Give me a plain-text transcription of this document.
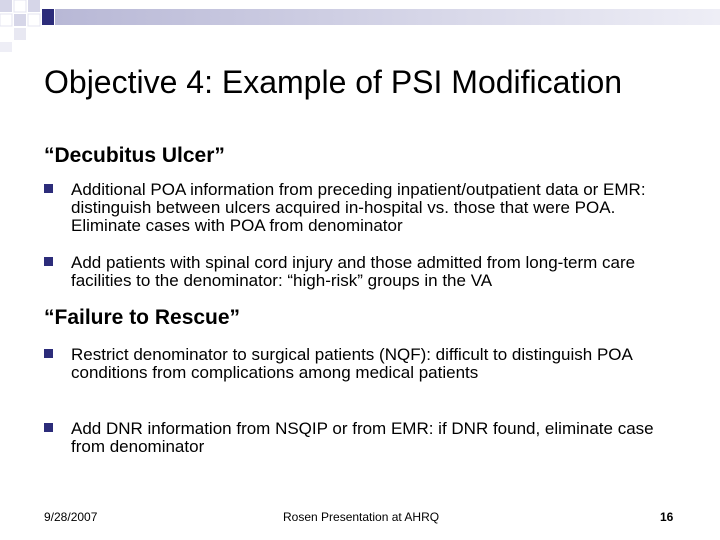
Objective 4: Example of PSI Modification
“Decubitus Ulcer”
Additional POA information from preceding inpatient/outpatient data or EMR: distinguish between ulcers acquired in-hospital vs. those that were POA. Eliminate cases with POA from denominator
Add patients with spinal cord injury and those admitted from long-term care facilities to the denominator: “high-risk” groups in the VA
“Failure to Rescue”
Restrict denominator to surgical patients (NQF): difficult to distinguish POA conditions from complications among medical patients
Add DNR information from NSQIP or from EMR: if DNR found, eliminate case from denominator
9/28/2007	Rosen Presentation at AHRQ	16
